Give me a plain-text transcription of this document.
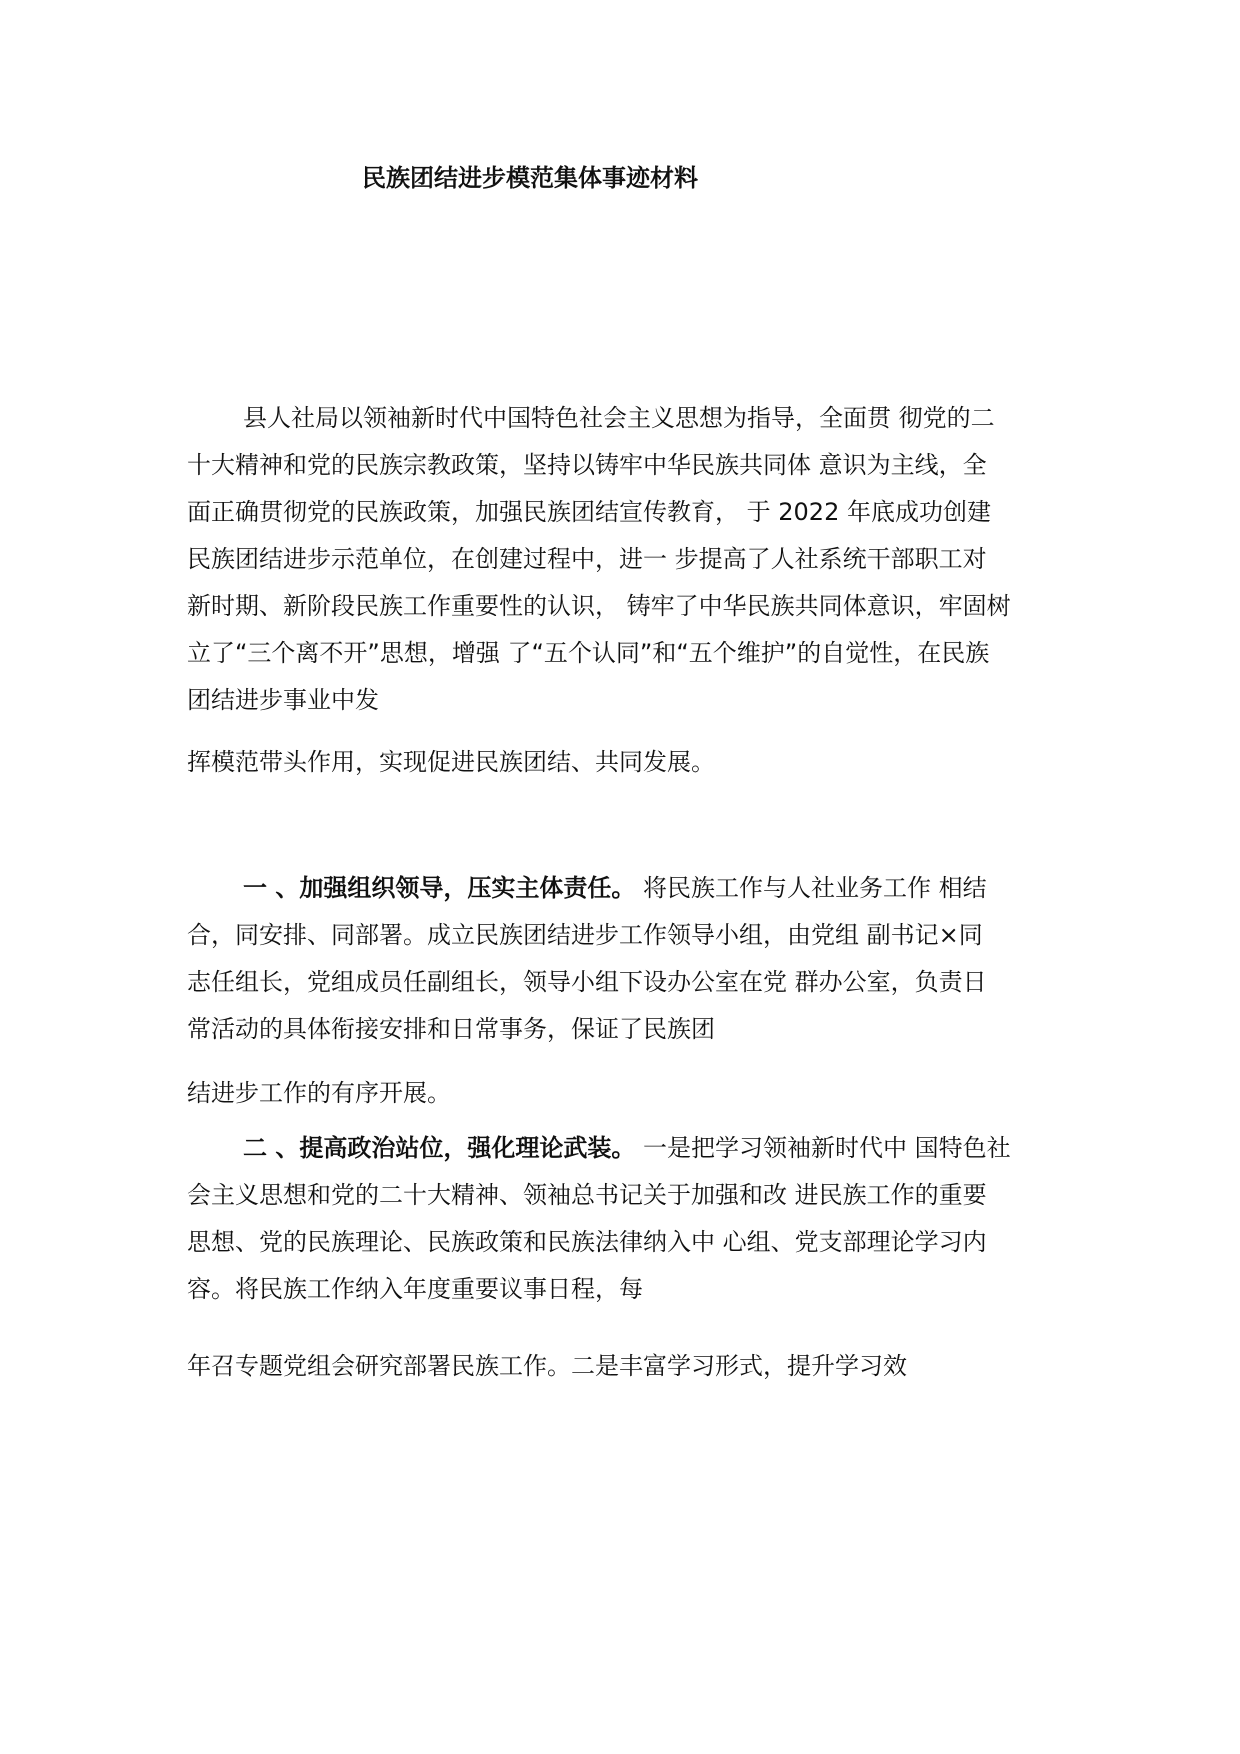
民族团结进步模范集体事迹材料
县人社局以领袖新时代中国特色社会主义思想为指导，全面贯 彻党的二
十大精神和党的民族宗教政策，坚持以铸牢中华民族共同体 意识为主线，全
面正确贯彻党的民族政策，加强民族团结宣传教育， 于 2022 年底成功创建
民族团结进步示范单位，在创建过程中，进一 步提高了人社系统干部职工对
新时期、新阶段民族工作重要性的认识， 铸牢了中华民族共同体意识，牢固树
立了“三个离不开”思想，增强 了“五个认同”和“五个维护”的自觉性，在民族
团结进步事业中发
挥模范带头作用，实现促进民族团结、共同发展。
一 、加强组织领导，压实主体责任。 将民族工作与人社业务工作 相结
合，同安排、同部署。成立民族团结进步工作领导小组，由党组 副书记×同
志任组长，党组成员任副组长，领导小组下设办公室在党 群办公室，负责日
常活动的具体衔接安排和日常事务，保证了民族团
结进步工作的有序开展。
二 、提高政治站位，强化理论武装。 一是把学习领袖新时代中 国特色社
会主义思想和党的二十大精神、领袖总书记关于加强和改 进民族工作的重要
思想、党的民族理论、民族政策和民族法律纳入中 心组、党支部理论学习内
容。将民族工作纳入年度重要议事日程，每
年召专题党组会研究部署民族工作。二是丰富学习形式，提升学习效
